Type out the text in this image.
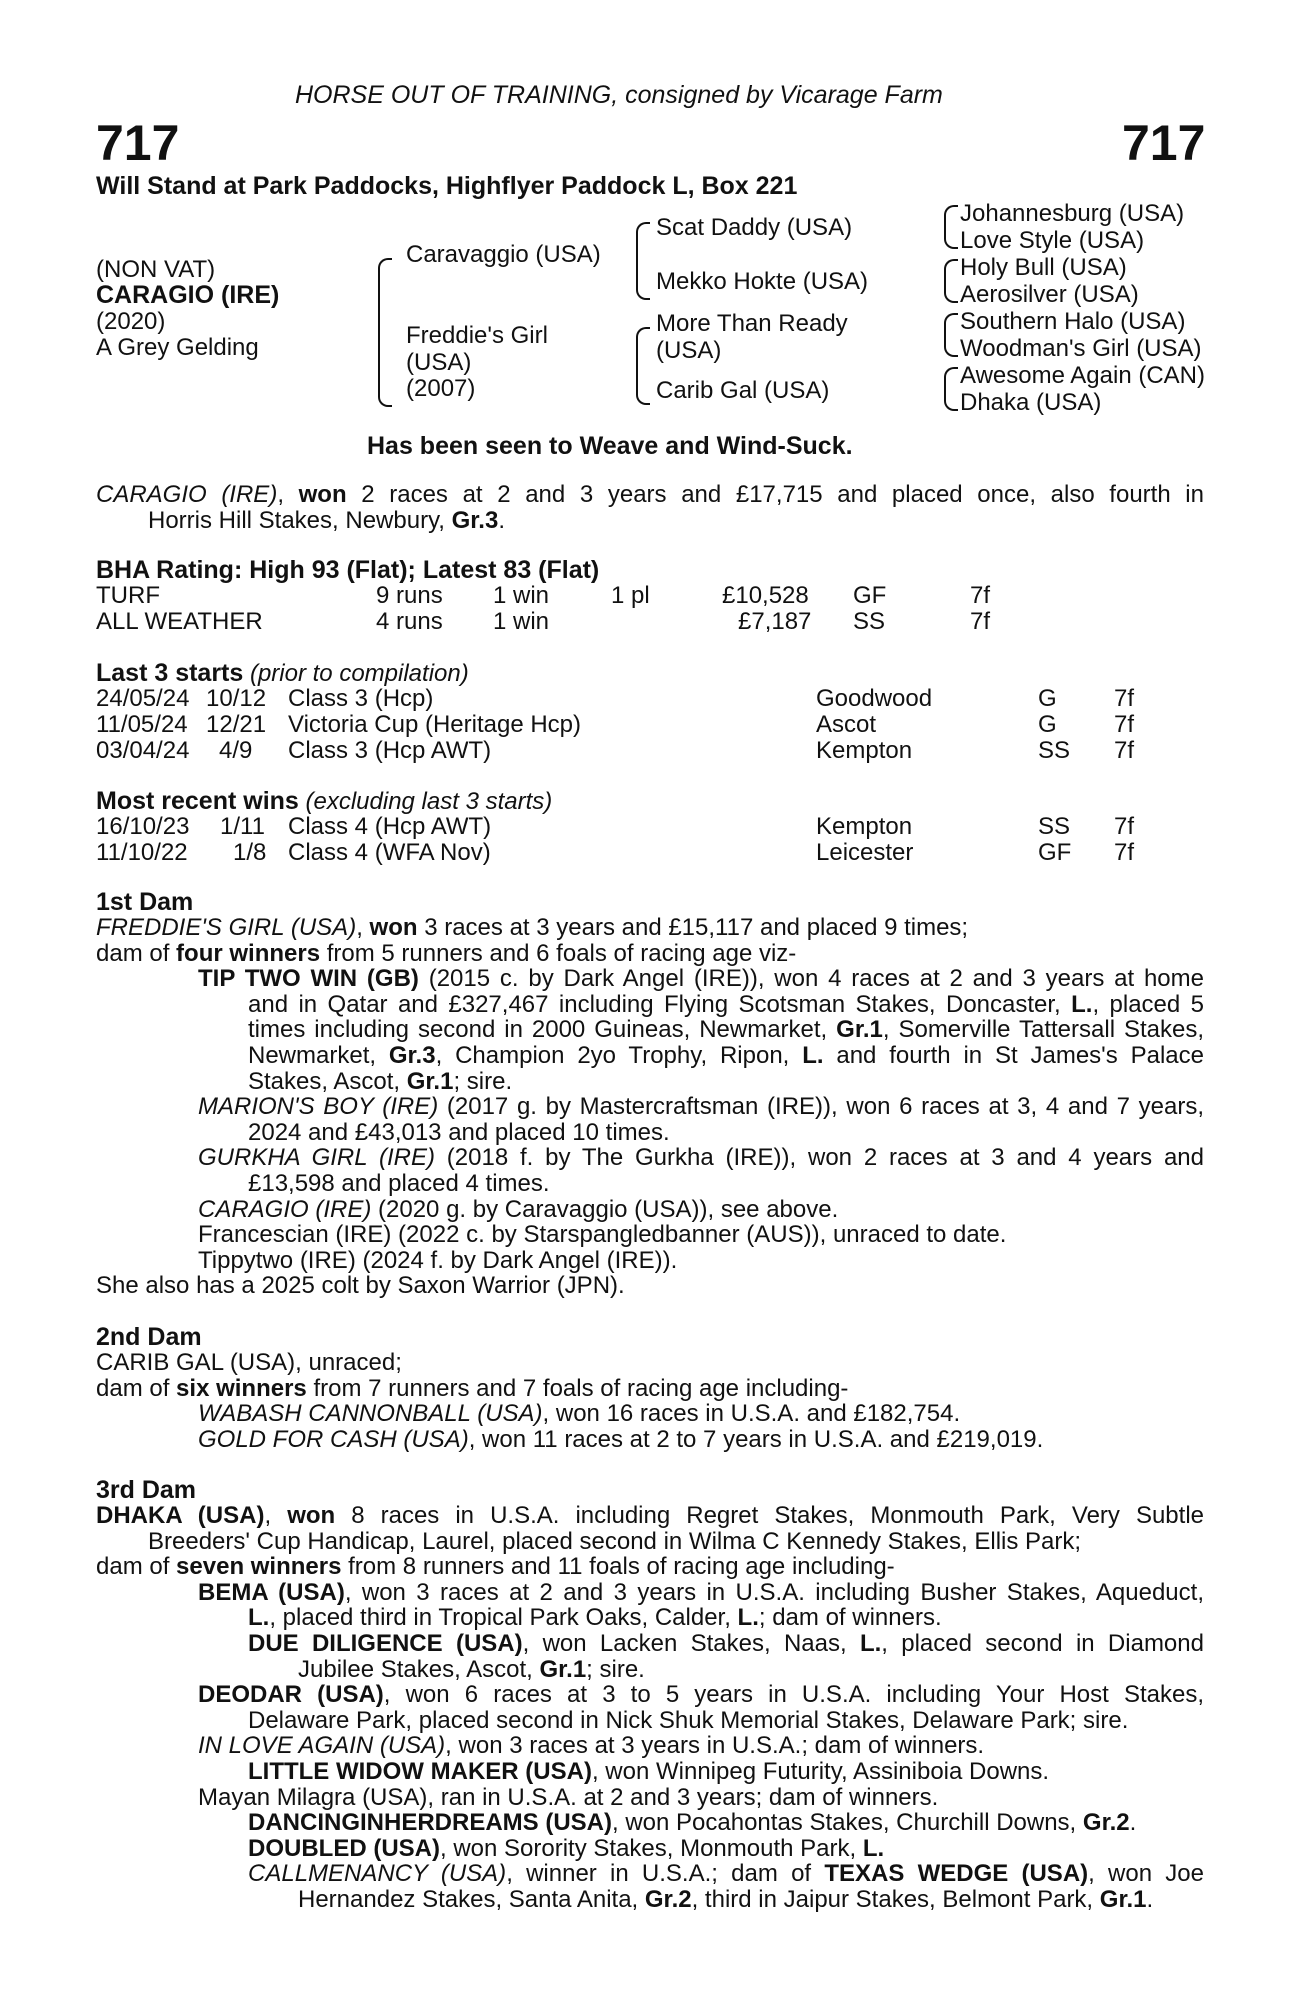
HORSE OUT OF TRAINING, consigned by Vicarage Farm
717	717
Will Stand at Park Paddocks, Highflyer Paddock L, Box 221
(NON VAT)
CARAGIO (IRE)
(2020)
A Grey Gelding
Caravaggio (USA)
Freddie's Girl
(USA)
(2007)
Scat Daddy (USA)
Mekko Hokte (USA)
More Than Ready
(USA)
Carib Gal (USA)
Johannesburg (USA)
Love Style (USA)
Holy Bull (USA)
Aerosilver (USA)
Southern Halo (USA)
Woodman's Girl (USA)
Awesome Again (CAN)
Dhaka (USA)
Has been seen to Weave and Wind-Suck.
CARAGIO (IRE), won 2 races at 2 and 3 years and £17,715 and placed once, also fourth in
Horris Hill Stakes, Newbury, Gr.3.
BHA Rating: High 93 (Flat); Latest 83 (Flat)
TURF	9 runs 1 win	1 pl	£10,528 GF	7f
ALL WEATHER	4 runs 1 win	£7,187 SS	7f
Last 3 starts (prior to compilation)
24/05/24 10/12 Class 3 (Hcp)	Goodwood	G 7f
11/05/24 12/21 Victoria Cup (Heritage Hcp)	Ascot	G 7f
03/04/24 4/9 Class 3 (Hcp AWT)	Kempton	SS 7f
Most recent wins (excluding last 3 starts)
16/10/23 1/11 Class 4 (Hcp AWT)	Kempton	SS 7f
11/10/22 1/8 Class 4 (WFA Nov)	Leicester	GF 7f
1st Dam
FREDDIE'S GIRL (USA), won 3 races at 3 years and £15,117 and placed 9 times;
dam of four winners from 5 runners and 6 foals of racing age viz-
TIP TWO WIN (GB) (2015 c. by Dark Angel (IRE)), won 4 races at 2 and 3 years at home
and in Qatar and £327,467 including Flying Scotsman Stakes, Doncaster, L., placed 5
times including second in 2000 Guineas, Newmarket, Gr.1, Somerville Tattersall Stakes,
Newmarket, Gr.3, Champion 2yo Trophy, Ripon, L. and fourth in St James's Palace
Stakes, Ascot, Gr.1; sire.
MARION'S BOY (IRE) (2017 g. by Mastercraftsman (IRE)), won 6 races at 3, 4 and 7 years,
2024 and £43,013 and placed 10 times.
GURKHA GIRL (IRE) (2018 f. by The Gurkha (IRE)), won 2 races at 3 and 4 years and
£13,598 and placed 4 times.
CARAGIO (IRE) (2020 g. by Caravaggio (USA)), see above.
Francescian (IRE) (2022 c. by Starspangledbanner (AUS)), unraced to date.
Tippytwo (IRE) (2024 f. by Dark Angel (IRE)).
She also has a 2025 colt by Saxon Warrior (JPN).
2nd Dam
CARIB GAL (USA), unraced;
dam of six winners from 7 runners and 7 foals of racing age including-
WABASH CANNONBALL (USA), won 16 races in U.S.A. and £182,754.
GOLD FOR CASH (USA), won 11 races at 2 to 7 years in U.S.A. and £219,019.
3rd Dam
DHAKA (USA), won 8 races in U.S.A. including Regret Stakes, Monmouth Park, Very Subtle
Breeders' Cup Handicap, Laurel, placed second in Wilma C Kennedy Stakes, Ellis Park;
dam of seven winners from 8 runners and 11 foals of racing age including-
BEMA (USA), won 3 races at 2 and 3 years in U.S.A. including Busher Stakes, Aqueduct,
L., placed third in Tropical Park Oaks, Calder, L.; dam of winners.
DUE DILIGENCE (USA), won Lacken Stakes, Naas, L., placed second in Diamond
Jubilee Stakes, Ascot, Gr.1; sire.
DEODAR (USA), won 6 races at 3 to 5 years in U.S.A. including Your Host Stakes,
Delaware Park, placed second in Nick Shuk Memorial Stakes, Delaware Park; sire.
IN LOVE AGAIN (USA), won 3 races at 3 years in U.S.A.; dam of winners.
LITTLE WIDOW MAKER (USA), won Winnipeg Futurity, Assiniboia Downs.
Mayan Milagra (USA), ran in U.S.A. at 2 and 3 years; dam of winners.
DANCINGINHERDREAMS (USA), won Pocahontas Stakes, Churchill Downs, Gr.2.
DOUBLED (USA), won Sorority Stakes, Monmouth Park, L.
CALLMENANCY (USA), winner in U.S.A.; dam of TEXAS WEDGE (USA), won Joe
Hernandez Stakes, Santa Anita, Gr.2, third in Jaipur Stakes, Belmont Park, Gr.1.
